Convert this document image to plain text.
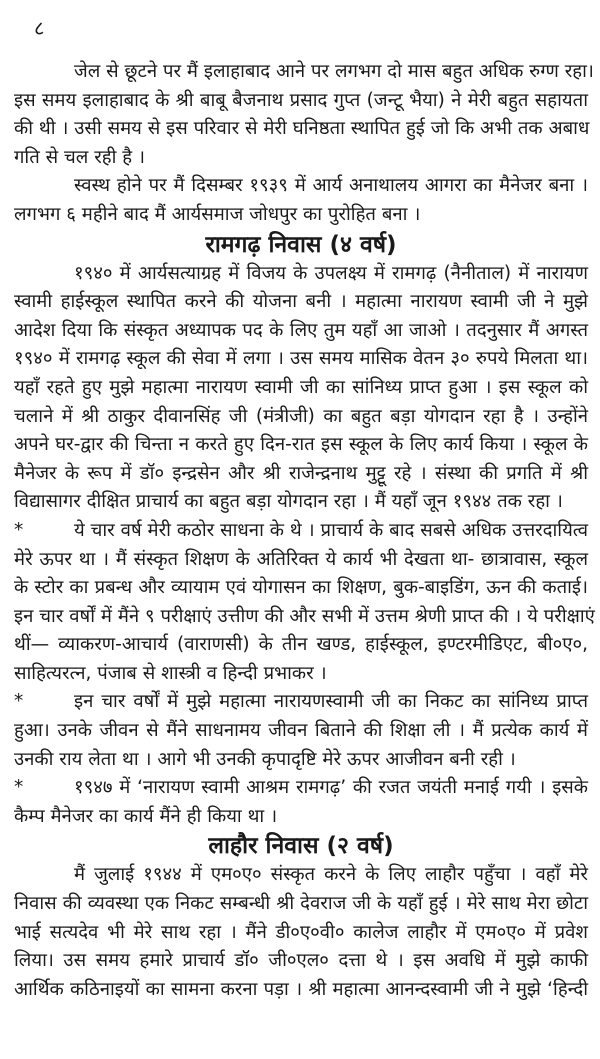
८
जेल से छूटने पर मैं इलाहाबाद आने पर लगभग दो मास बहुत अधिक रुग्ण रहा।
इस समय इलाहाबाद के श्री बाबू बैजनाथ प्रसाद गुप्त (जन्टू भैया) ने मेरी बहुत सहायता
की थी । उसी समय से इस परिवार से मेरी घनिष्ठता स्थापित हुई जो कि अभी तक अबाध
गति से चल रही है ।
स्वस्थ होने पर मैं दिसम्बर १९३९ में आर्य अनाथालय आगरा का मैनेजर बना ।
लगभग ६ महीने बाद मैं आर्यसमाज जोधपुर का पुरोहित बना ।
रामगढ़ निवास (४ वर्ष)
१९४० में आर्यसत्याग्रह में विजय के उपलक्ष्य में रामगढ़ (नैनीताल) में नारायण
स्वामी हाईस्कूल स्थापित करने की योजना बनी । महात्मा नारायण स्वामी जी ने मुझे
आदेश दिया कि संस्कृत अध्यापक पद के लिए तुम यहाँ आ जाओ । तदनुसार मैं अगस्त
१९४० में रामगढ़ स्कूल की सेवा में लगा । उस समय मासिक वेतन ३० रुपये मिलता था।
यहाँ रहते हुए मुझे महात्मा नारायण स्वामी जी का सांनिध्य प्राप्त हुआ । इस स्कूल को
चलाने में श्री ठाकुर दीवानसिंह जी (मंत्रीजी) का बहुत बड़ा योगदान रहा है । उन्होंने
अपने घर-द्वार की चिन्ता न करते हुए दिन-रात इस स्कूल के लिए कार्य किया । स्कूल के
मैनेजर के रूप में डॉ० इन्द्रसेन और श्री राजेन्द्रनाथ मुट्टू रहे । संस्था की प्रगति में श्री
विद्यासागर दीक्षित प्राचार्य का बहुत बड़ा योगदान रहा । मैं यहाँ जून १९४४ तक रहा ।
*	ये चार वर्ष मेरी कठोर साधना के थे । प्राचार्य के बाद सबसे अधिक उत्तरदायित्व
मेरे ऊपर था । मैं संस्कृत शिक्षण के अतिरिक्त ये कार्य भी देखता था- छात्रावास, स्कूल
के स्टोर का प्रबन्ध और व्यायाम एवं योगासन का शिक्षण, बुक-बाइडिंग, ऊन की कताई।
इन चार वर्षों में मैंने ९ परीक्षाएं उत्तीण की और सभी में उत्तम श्रेणी प्राप्त की । ये परीक्षाएं
थीं— व्याकरण-आचार्य (वाराणसी) के तीन खण्ड, हाईस्कूल, इण्टरमीडिएट, बी०ए०,
साहित्यरत्न, पंजाब से शास्त्री व हिन्दी प्रभाकर ।
*	इन चार वर्षों में मुझे महात्मा नारायणस्वामी जी का निकट का सांनिध्य प्राप्त
हुआ। उनके जीवन से मैंने साधनामय जीवन बिताने की शिक्षा ली । मैं प्रत्येक कार्य में
उनकी राय लेता था । आगे भी उनकी कृपादृष्टि मेरे ऊपर आजीवन बनी रही ।
*	१९४७ में ‘नारायण स्वामी आश्रम रामगढ़’ की रजत जयंती मनाई गयी । इसके
कैम्प मैनेजर का कार्य मैंने ही किया था ।
लाहौर निवास (२ वर्ष)
मैं जुलाई १९४४ में एम०ए० संस्कृत करने के लिए लाहौर पहुँचा । वहाँ मेरे
निवास की व्यवस्था एक निकट सम्बन्धी श्री देवराज जी के यहाँ हुई । मेरे साथ मेरा छोटा
भाई सत्यदेव भी मेरे साथ रहा । मैंने डी०ए०वी० कालेज लाहौर में एम०ए० में प्रवेश
लिया। उस समय हमारे प्राचार्य डॉ० जी०एल० दत्ता थे । इस अवधि में मुझे काफी
आर्थिक कठिनाइयों का सामना करना पड़ा । श्री महात्मा आनन्दस्वामी जी ने मुझे ‘हिन्दी
